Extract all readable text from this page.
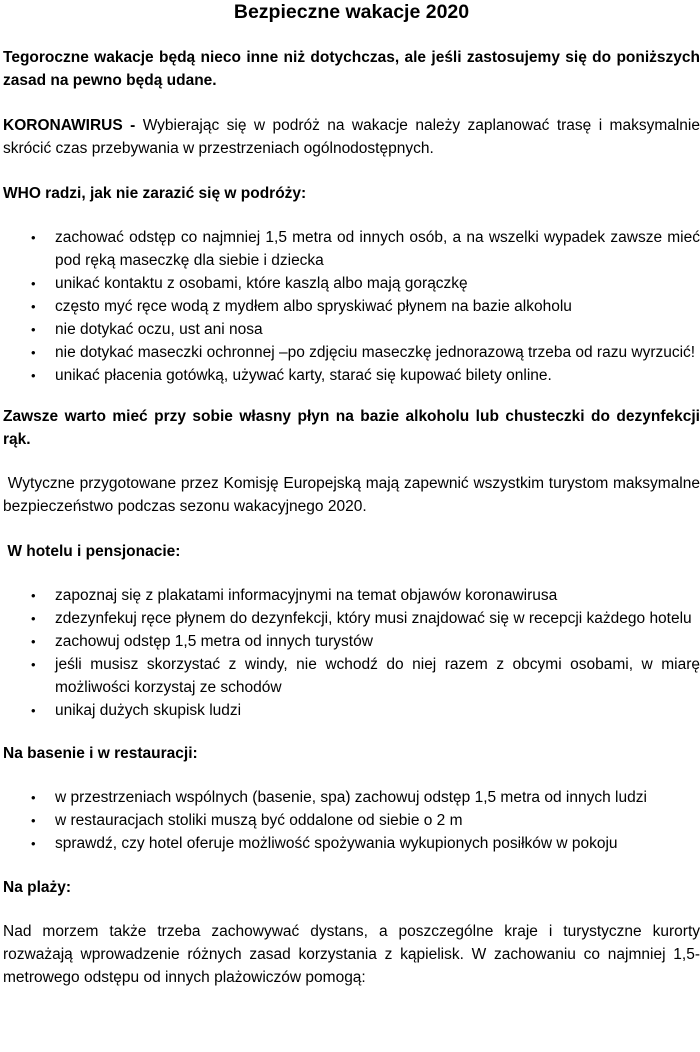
Bezpieczne wakacje 2020

Tegoroczne wakacje będą nieco inne niż dotychczas, ale jeśli zastosujemy się do poniższych zasad na pewno będą udane.

KORONAWIRUS - Wybierając się w podróż na wakacje należy zaplanować trasę i maksymalnie skrócić czas przebywania w przestrzeniach ogólnodostępnych.

WHO radzi, jak nie zarazić się w podróży:

• zachować odstęp co najmniej 1,5 metra od innych osób, a na wszelki wypadek zawsze mieć pod ręką maseczkę dla siebie i dziecka
• unikać kontaktu z osobami, które kaszlą albo mają gorączkę
• często myć ręce wodą z mydłem albo spryskiwać płynem na bazie alkoholu
• nie dotykać oczu, ust ani nosa
• nie dotykać maseczki ochronnej –po zdjęciu maseczkę jednorazową trzeba od razu wyrzucić!
• unikać płacenia gotówką, używać karty, starać się kupować bilety online.

Zawsze warto mieć przy sobie własny płyn na bazie alkoholu lub chusteczki do dezynfekcji rąk.

Wytyczne przygotowane przez Komisję Europejską mają zapewnić wszystkim turystom maksymalne bezpieczeństwo podczas sezonu wakacyjnego 2020.

W hotelu i pensjonacie:

• zapoznaj się z plakatami informacyjnymi na temat objawów koronawirusa
• zdezynfekuj ręce płynem do dezynfekcji, który musi znajdować się w recepcji każdego hotelu
• zachowuj odstęp 1,5 metra od innych turystów
• jeśli musisz skorzystać z windy, nie wchodź do niej razem z obcymi osobami, w miarę możliwości korzystaj ze schodów
• unikaj dużych skupisk ludzi

Na basenie i w restauracji:

• w przestrzeniach wspólnych (basenie, spa) zachowuj odstęp 1,5 metra od innych ludzi
• w restauracjach stoliki muszą być oddalone od siebie o 2 m
• sprawdź, czy hotel oferuje możliwość spożywania wykupionych posiłków w pokoju

Na plaży:

Nad morzem także trzeba zachowywać dystans, a poszczególne kraje i turystyczne kurorty rozważają wprowadzenie różnych zasad korzystania z kąpielisk. W zachowaniu co najmniej 1,5-metrowego odstępu od innych plażowiczów pomogą:
